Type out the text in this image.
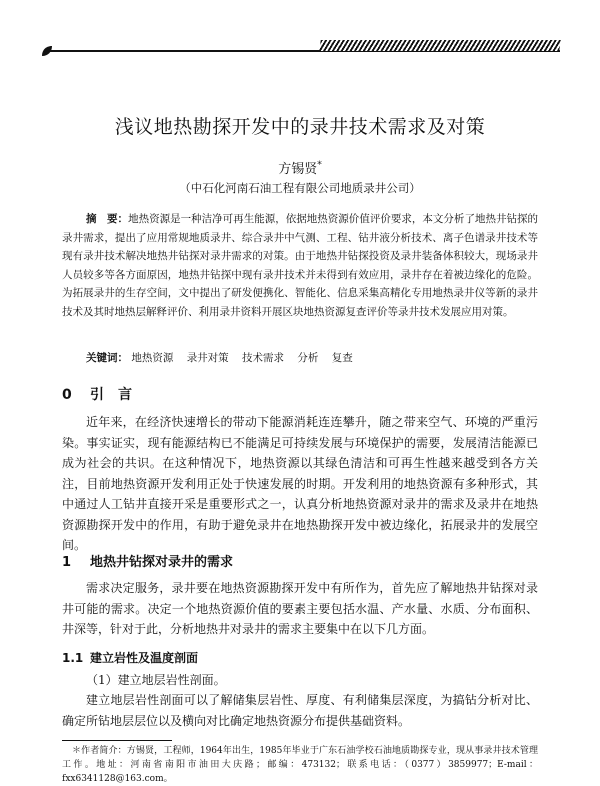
浅议地热勘探开发中的录井技术需求及对策
方锡贤*
（中石化河南石油工程有限公司地质录井公司）
摘　要：地热资源是一种洁净可再生能源，依据地热资源价值评价要求，本文分析了地热井钻探的录井需求，提出了应用常规地质录井、综合录井中气测、工程、钻井液分析技术、离子色谱录井技术等现有录井技术解决地热井钻探对录井需求的对策。由于地热井钻探投资及录井装备体积较大，现场录井人员较多等各方面原因，地热井钻探中现有录井技术并未得到有效应用，录井存在着被边缘化的危险。为拓展录井的生存空间，文中提出了研发便携化、智能化、信息采集高精化专用地热录井仪等新的录井技术及其时地热层解释评价、利用录井资料开展区块地热资源复查评价等录井技术发展应用对策。
关键词： 地热资源 录井对策 技术需求 分析 复查
0 引　言
近年来，在经济快速增长的带动下能源消耗连连攀升，随之带来空气、环境的严重污染。事实证实，现有能源结构已不能满足可持续发展与环境保护的需要，发展清洁能源已成为社会的共识。在这种情况下，地热资源以其绿色清洁和可再生性越来越受到各方关注，目前地热资源开发利用正处于快速发展的时期。开发利用的地热资源有多种形式，其中通过人工钻井直接开采是重要形式之一，认真分析地热资源对录井的需求及录井在地热资源勘探开发中的作用，有助于避免录井在地热勘探开发中被边缘化，拓展录井的发展空间。
1 地热井钻探对录井的需求
需求决定服务，录井要在地热资源勘探开发中有所作为，首先应了解地热井钻探对录井可能的需求。决定一个地热资源价值的要素主要包括水温、产水量、水质、分布面积、井深等，针对于此，分析地热井对录井的需求主要集中在以下几方面。
1.1 建立岩性及温度剖面
（1）建立地层岩性剖面。
建立地层岩性剖面可以了解储集层岩性、厚度、有利储集层深度，为搞钻分析对比、确定所钻地层层位以及横向对比确定地热资源分布提供基础资料。
＊作者简介：方锡贤，工程师，1964年出生，1985年毕业于广东石油学校石油地质勘探专业，现从事录井技术管理工作。地址：河南省南阳市油田大庆路；邮编：473132；联系电话：（0377）3859977；E-mail：fxx6341128@163.com。
